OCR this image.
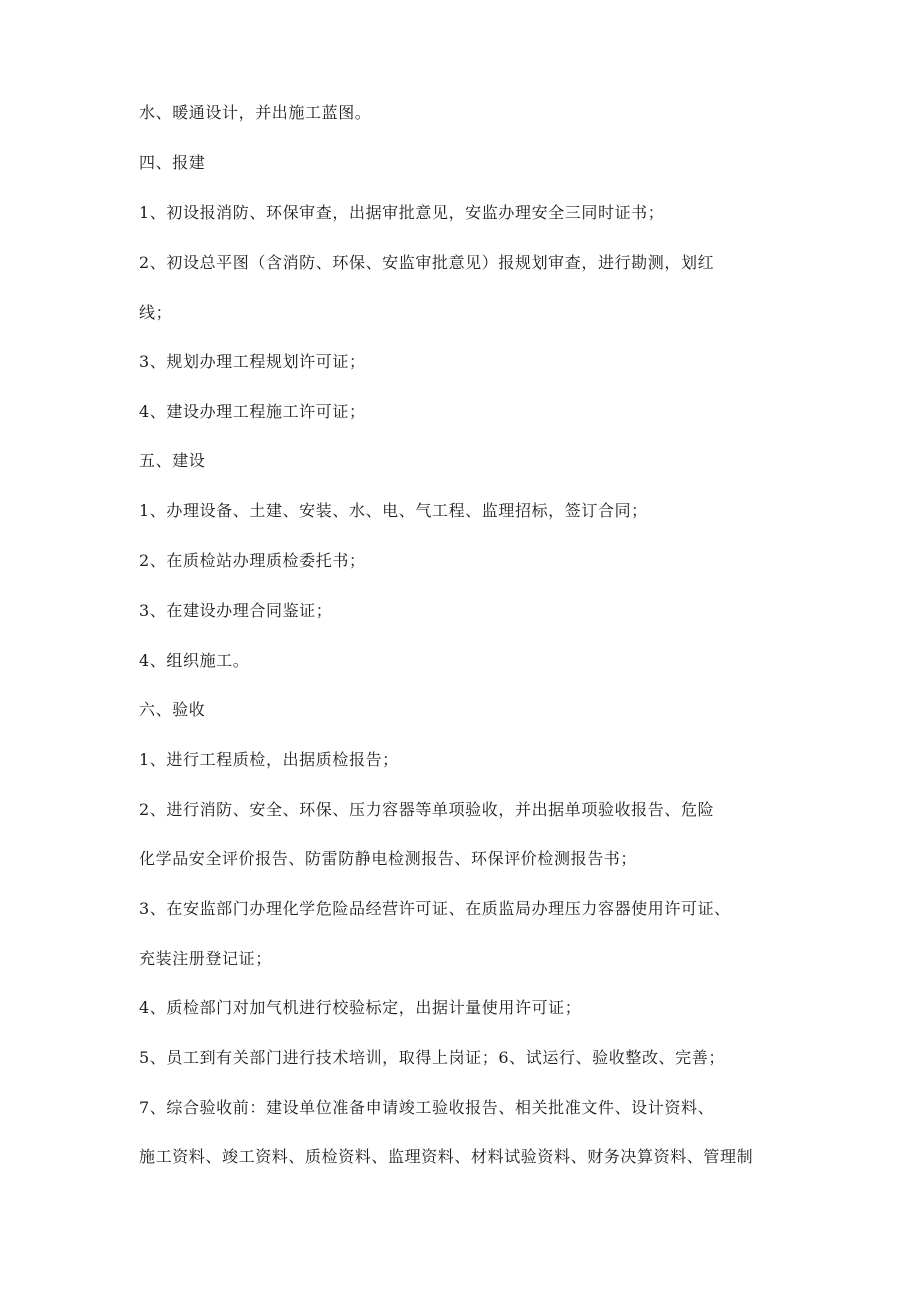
水、暖通设计，并出施工蓝图。
四、报建
1、初设报消防、环保审查，出据审批意见，安监办理安全三同时证书；
2、初设总平图（含消防、环保、安监审批意见）报规划审查，进行勘测，划红
线；
3、规划办理工程规划许可证；
4、建设办理工程施工许可证；
五、建设
1、办理设备、土建、安装、水、电、气工程、监理招标，签订合同；
2、在质检站办理质检委托书；
3、在建设办理合同鉴证；
4、组织施工。
六、验收
1、进行工程质检，出据质检报告；
2、进行消防、安全、环保、压力容器等单项验收，并出据单项验收报告、危险
化学品安全评价报告、防雷防静电检测报告、环保评价检测报告书；
3、在安监部门办理化学危险品经营许可证、在质监局办理压力容器使用许可证、
充装注册登记证；
4、质检部门对加气机进行校验标定，出据计量使用许可证；
5、员工到有关部门进行技术培训，取得上岗证；6、试运行、验收整改、完善；
7、综合验收前：建设单位准备申请竣工验收报告、相关批准文件、设计资料、
施工资料、竣工资料、质检资料、监理资料、材料试验资料、财务决算资料、管理制
